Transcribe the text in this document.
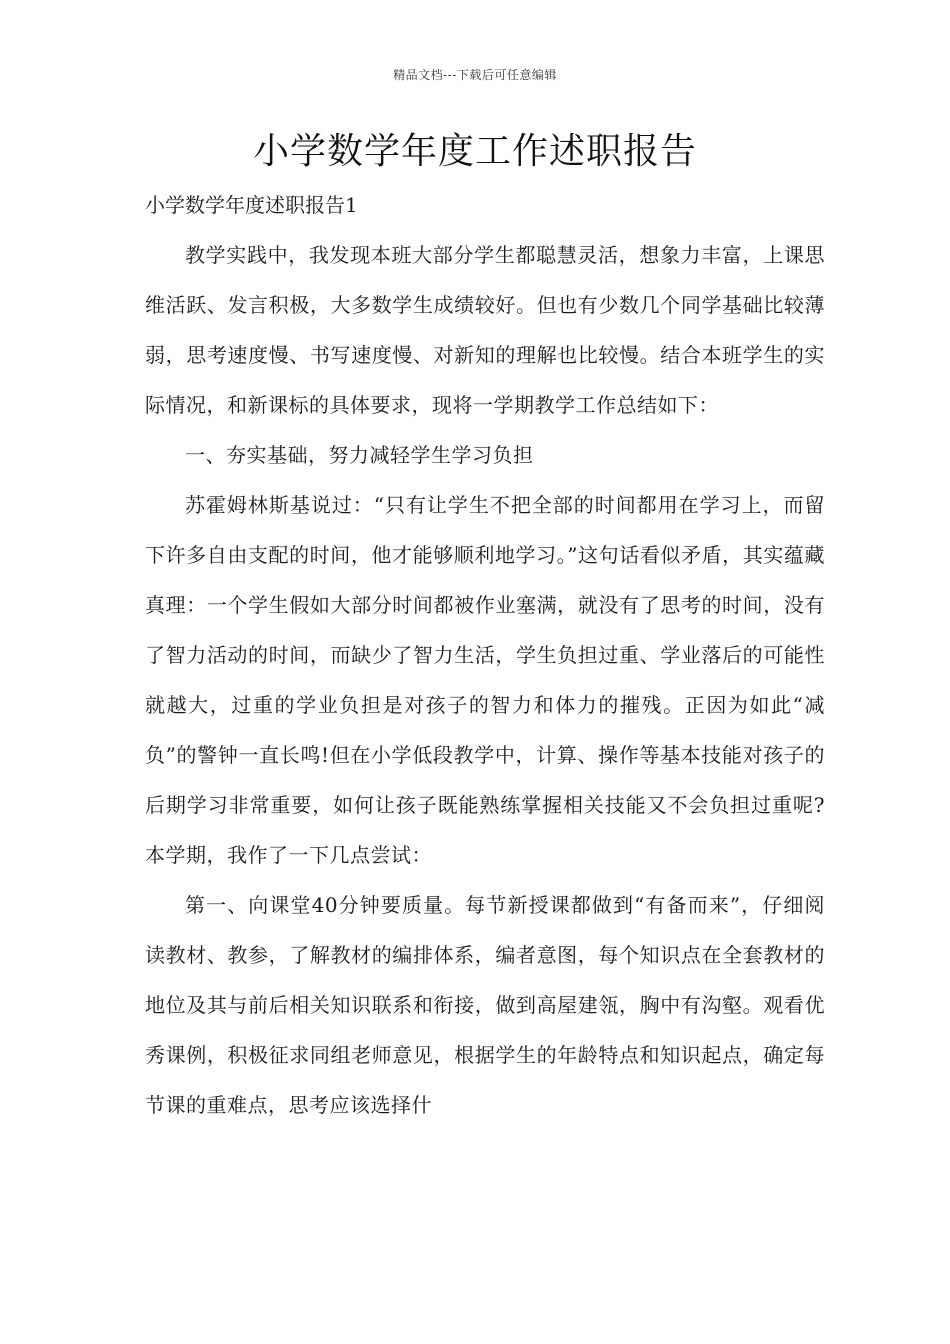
精品文档---下载后可任意编辑
小学数学年度工作述职报告

小学数学年度述职报告1

教学实践中，我发现本班大部分学生都聪慧灵活，想象力丰富，上课思维活跃、发言积极，大多数学生成绩较好。但也有少数几个同学基础比较薄弱，思考速度慢、书写速度慢、对新知的理解也比较慢。结合本班学生的实际情况，和新课标的具体要求，现将一学期教学工作总结如下：

一、夯实基础，努力减轻学生学习负担

苏霍姆林斯基说过：“只有让学生不把全部的时间都用在学习上，而留下许多自由支配的时间，他才能够顺利地学习。”这句话看似矛盾，其实蕴藏真理：一个学生假如大部分时间都被作业塞满，就没有了思考的时间，没有了智力活动的时间，而缺少了智力生活，学生负担过重、学业落后的可能性就越大，过重的学业负担是对孩子的智力和体力的摧残。正因为如此“减负”的警钟一直长鸣!但在小学低段教学中，计算、操作等基本技能对孩子的后期学习非常重要，如何让孩子既能熟练掌握相关技能又不会负担过重呢?本学期，我作了一下几点尝试：

第一、向课堂40分钟要质量。每节新授课都做到“有备而来”，仔细阅读教材、教参，了解教材的编排体系，编者意图，每个知识点在全套教材的地位及其与前后相关知识联系和衔接，做到高屋建瓴，胸中有沟壑。观看优秀课例，积极征求同组老师意见，根据学生的年龄特点和知识起点，确定每节课的重难点，思考应该选择什
